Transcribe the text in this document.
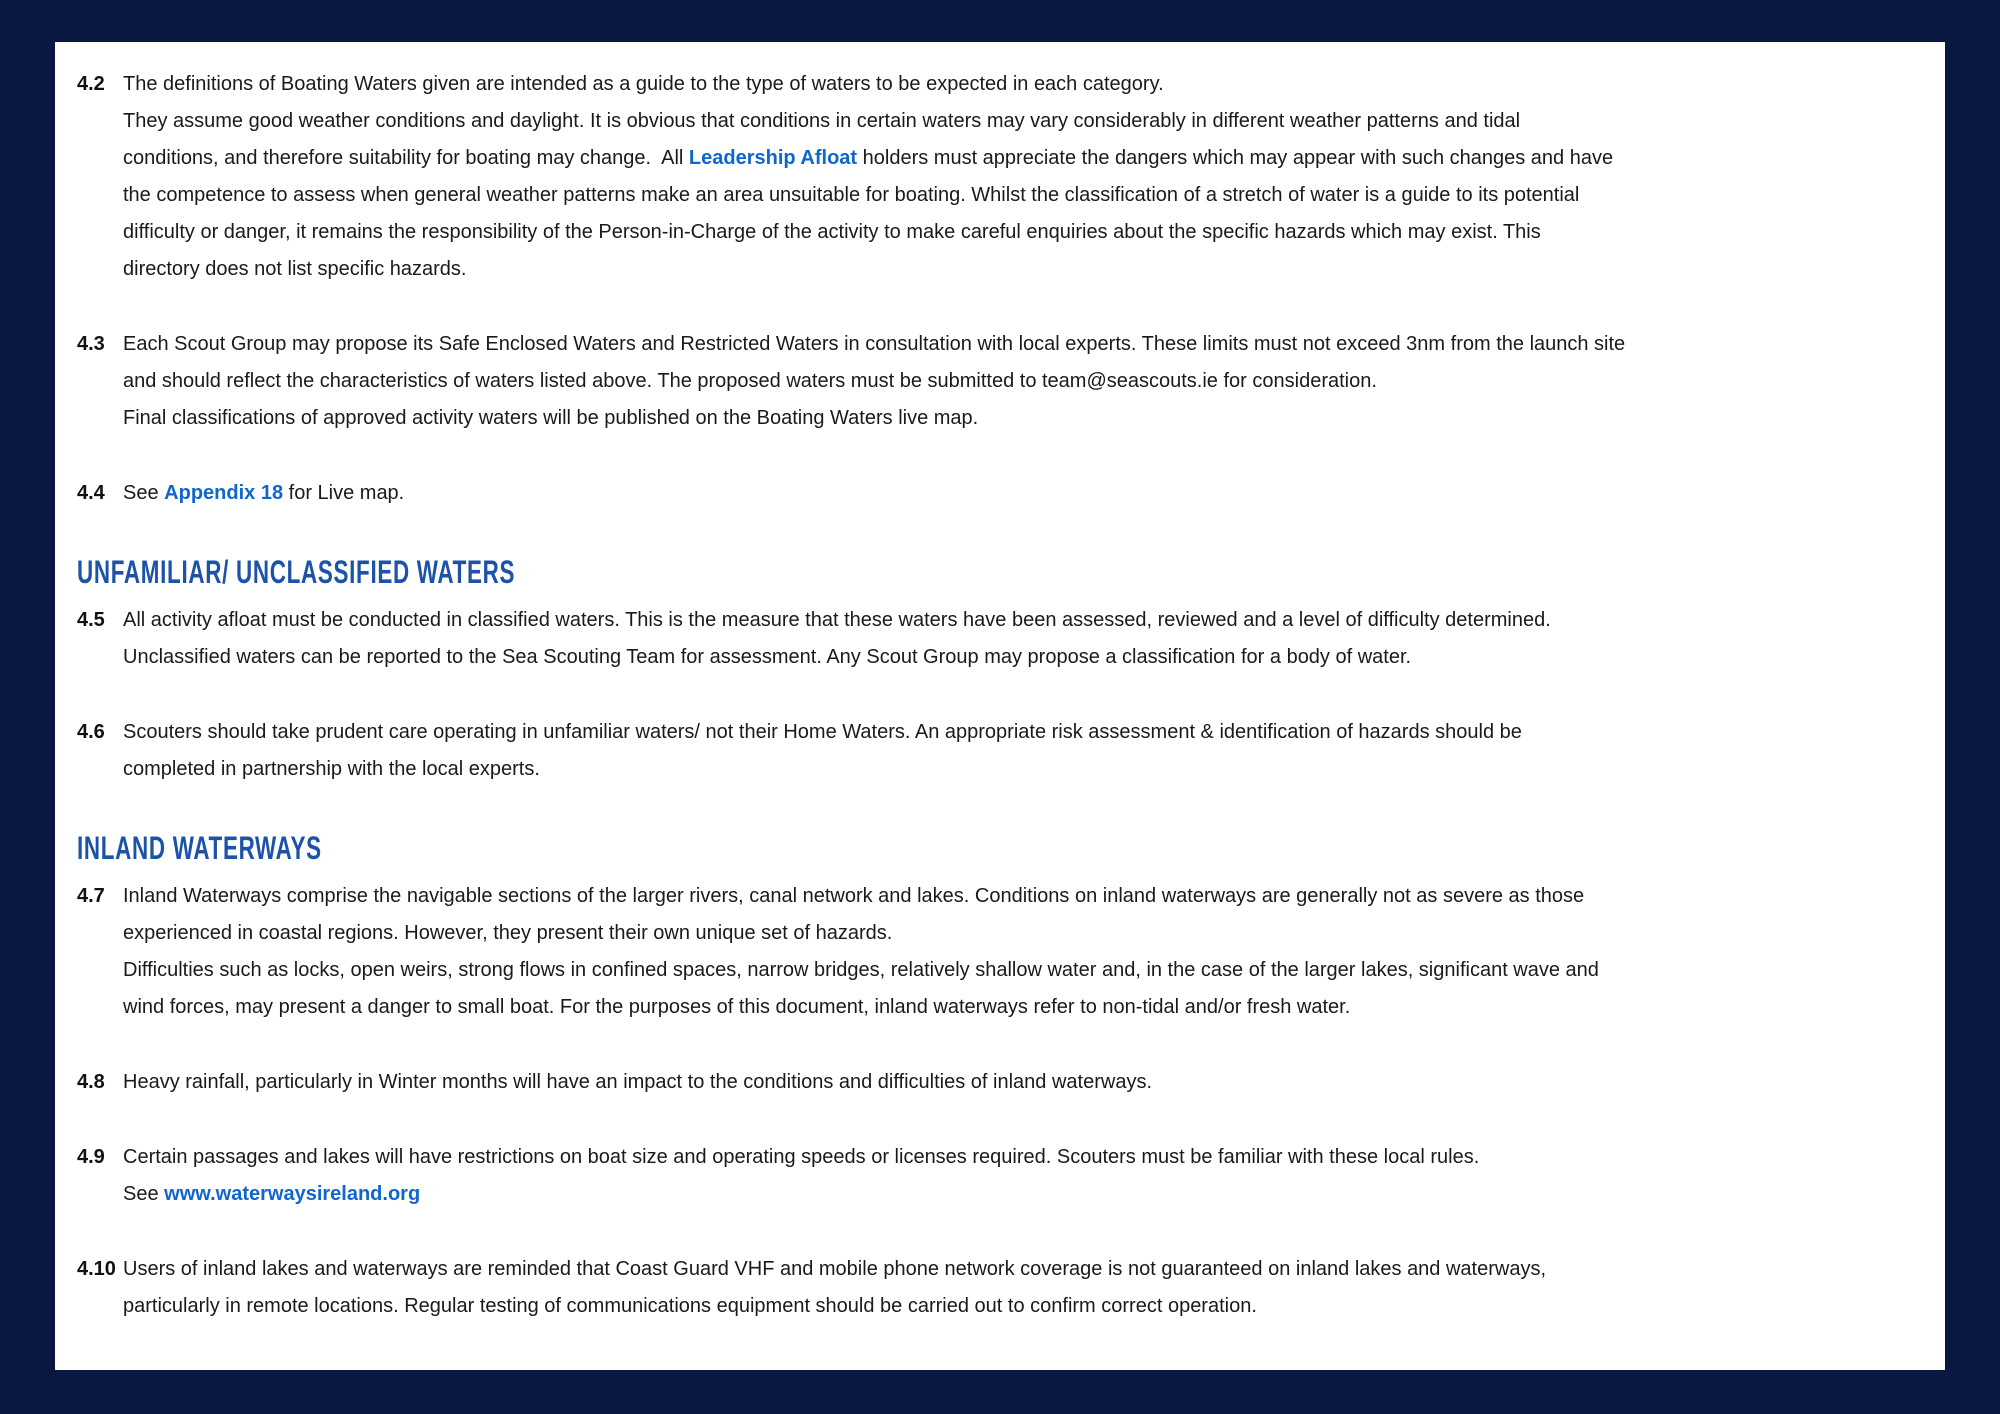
4.2 The definitions of Boating Waters given are intended as a guide to the type of waters to be expected in each category.
They assume good weather conditions and daylight. It is obvious that conditions in certain waters may vary considerably in different weather patterns and tidal
conditions, and therefore suitability for boating may change.  All Leadership Afloat holders must appreciate the dangers which may appear with such changes and have
the competence to assess when general weather patterns make an area unsuitable for boating. Whilst the classification of a stretch of water is a guide to its potential
difficulty or danger, it remains the responsibility of the Person-in-Charge of the activity to make careful enquiries about the specific hazards which may exist. This
directory does not list specific hazards.
4.3 Each Scout Group may propose its Safe Enclosed Waters and Restricted Waters in consultation with local experts. These limits must not exceed 3nm from the launch site
and should reflect the characteristics of waters listed above. The proposed waters must be submitted to team@seascouts.ie for consideration.
Final classifications of approved activity waters will be published on the Boating Waters live map.
4.4 See Appendix 18 for Live map.
UNFAMILIAR/ UNCLASSIFIED WATERS
4.5 All activity afloat must be conducted in classified waters. This is the measure that these waters have been assessed, reviewed and a level of difficulty determined.
Unclassified waters can be reported to the Sea Scouting Team for assessment. Any Scout Group may propose a classification for a body of water.
4.6 Scouters should take prudent care operating in unfamiliar waters/ not their Home Waters. An appropriate risk assessment & identification of hazards should be
completed in partnership with the local experts.
INLAND WATERWAYS
4.7 Inland Waterways comprise the navigable sections of the larger rivers, canal network and lakes. Conditions on inland waterways are generally not as severe as those
experienced in coastal regions. However, they present their own unique set of hazards.
Difficulties such as locks, open weirs, strong flows in confined spaces, narrow bridges, relatively shallow water and, in the case of the larger lakes, significant wave and
wind forces, may present a danger to small boat. For the purposes of this document, inland waterways refer to non-tidal and/or fresh water.
4.8 Heavy rainfall, particularly in Winter months will have an impact to the conditions and difficulties of inland waterways.
4.9 Certain passages and lakes will have restrictions on boat size and operating speeds or licenses required. Scouters must be familiar with these local rules.
See www.waterwaysireland.org
4.10 Users of inland lakes and waterways are reminded that Coast Guard VHF and mobile phone network coverage is not guaranteed on inland lakes and waterways,
particularly in remote locations. Regular testing of communications equipment should be carried out to confirm correct operation.
